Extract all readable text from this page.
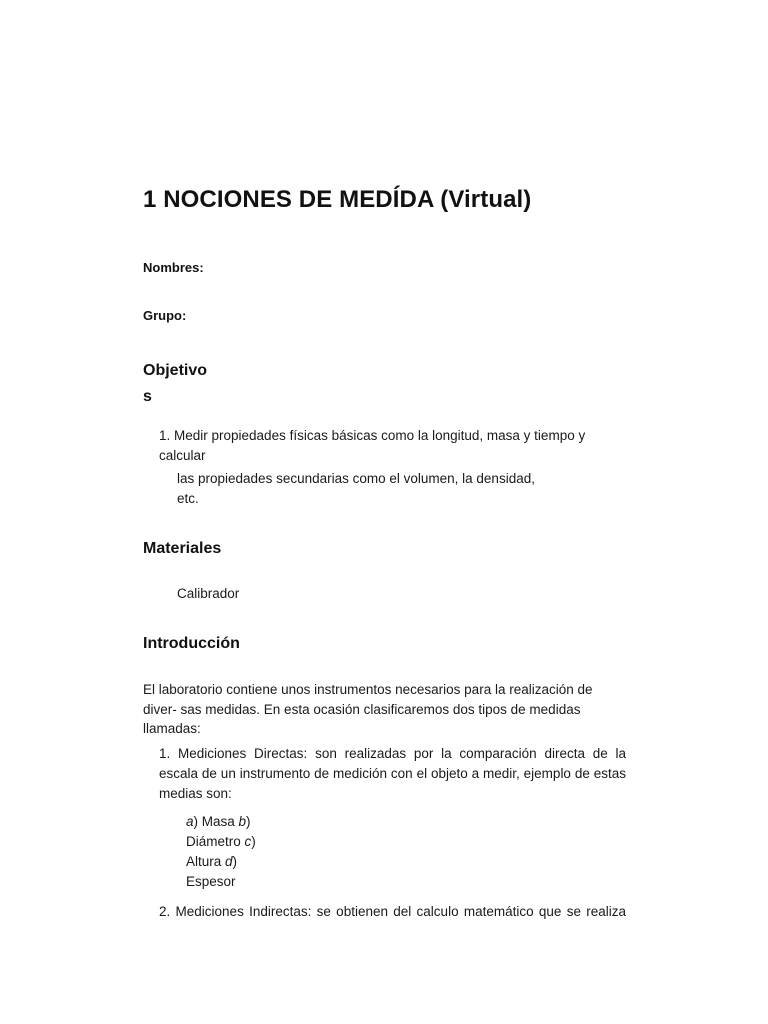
1 NOCIONES DE MEDÍDA (Virtual)
Nombres:
Grupo:
Objetivo
s
1. Medir propiedades físicas básicas como la longitud, masa y tiempo y
calcular
las propiedades secundarias como el volumen, la densidad,
etc.
Materiales
Calibrador
Introducción

El laboratorio contiene unos instrumentos necesarios para la realización de diver- sas medidas. En esta ocasión clasificaremos dos tipos de medidas llamadas:

1. Mediciones Directas: son realizadas por la comparación directa de la escala de un instrumento de medición con el objeto a medir, ejemplo de estas medias son:

a) Masa b)
Diámetro c)
Altura d)
Espesor

2. Mediciones Indirectas: se obtienen del calculo matemático que se realiza
